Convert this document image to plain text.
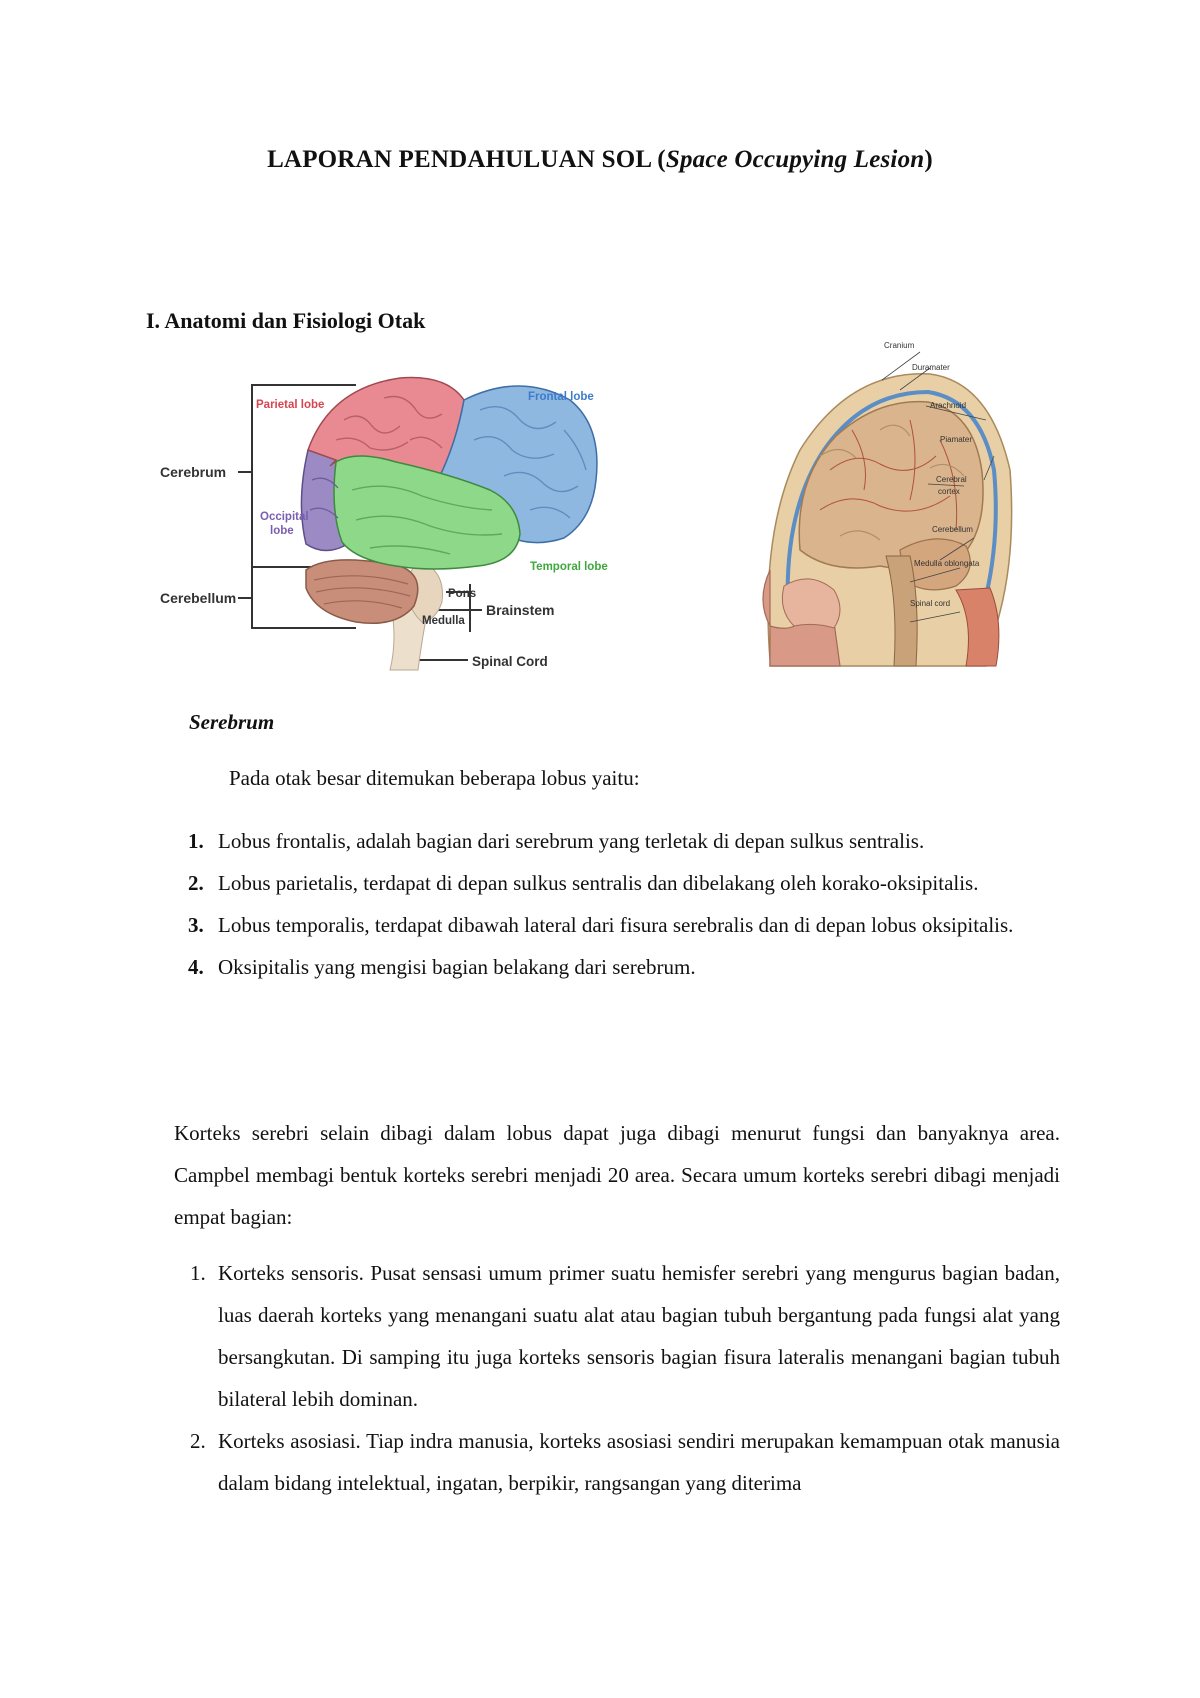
LAPORAN PENDAHULUAN SOL (Space Occupying Lesion)
I. Anatomi dan Fisiologi Otak
Parietal lobe
Frontal lobe
Cerebrum
Occipital
lobe
Temporal lobe
Cerebellum	Pons
Medulla
Brainstem
Spinal Cord
Cranium
Duramater
Arachnoid
Piamater
Cerebral
cortex
Cerebellum
Medulla oblongata
Spinal cord
Serebrum
Pada otak besar ditemukan beberapa lobus yaitu:
1. Lobus frontalis, adalah bagian dari serebrum yang terletak di depan sulkus sentralis.
2. Lobus parietalis, terdapat di depan sulkus sentralis dan dibelakang oleh korako-oksipitalis.
3. Lobus temporalis, terdapat dibawah lateral dari fisura serebralis dan di depan lobus oksipitalis.
4. Oksipitalis yang mengisi bagian belakang dari serebrum.
Korteks serebri selain dibagi dalam lobus dapat juga dibagi menurut fungsi dan banyaknya area. Campbel membagi bentuk korteks serebri menjadi 20 area. Secara umum korteks serebri dibagi menjadi empat bagian:
1. Korteks sensoris. Pusat sensasi umum primer suatu hemisfer serebri yang mengurus bagian badan, luas daerah korteks yang menangani suatu alat atau bagian tubuh bergantung pada fungsi alat yang bersangkutan. Di samping itu juga korteks sensoris bagian fisura lateralis menangani bagian tubuh bilateral lebih dominan.
2. Korteks asosiasi. Tiap indra manusia, korteks asosiasi sendiri merupakan kemampuan otak manusia dalam bidang intelektual, ingatan, berpikir, rangsangan yang diterima
